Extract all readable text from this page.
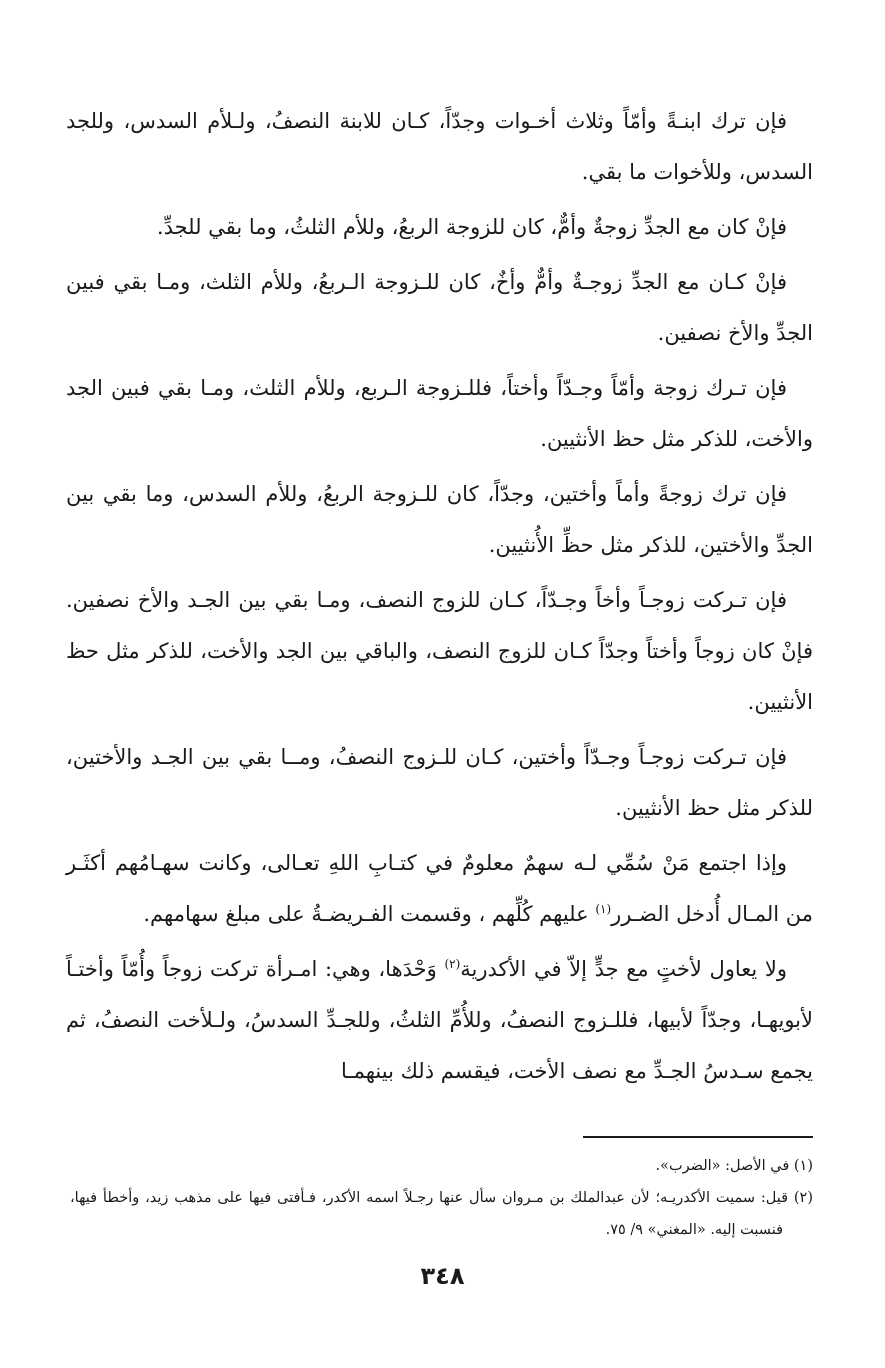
فإن ترك ابنـةً وأمّاً وثلاث أخـوات وجدّاً، كـان للابنة النصفُ، ولـلأم السدس، وللجد السدس، وللأخوات ما بقي.

فإنْ كان مع الجدِّ زوجةٌ وأمٌّ، كان للزوجة الربعُ، وللأم الثلثُ، وما بقي للجدِّ.

فإنْ كـان مع الجدِّ زوجـةٌ وأمٌّ وأخٌ، كان للـزوجة الـربعُ، وللأم الثلث، ومـا بقي فبين الجدِّ والأخ نصفين.

فإن تـرك زوجة وأمّاً وجـدّاً وأختاً، فللـزوجة الـربع، وللأم الثلث، ومـا بقي فبين الجد والأخت، للذكر مثل حظ الأنثيين.

فإن ترك زوجةً وأماً وأختين، وجدّاً، كان للـزوجة الربعُ، وللأم السدس، وما بقي بين الجدِّ والأختين، للذكر مثل حظِّ الأُنثيين.

فإن تـركت زوجـاً وأخاً وجـدّاً، كـان للزوج النصف، ومـا بقي بين الجـد والأخ نصفين. فإنْ كان زوجاً وأختاً وجدّاً كـان للزوج النصف، والباقي بين الجد والأخت، للذكر مثل حظ الأنثيين.

فإن تـركت زوجـاً وجـدّاً وأختين، كـان للـزوج النصفُ، ومــا بقي بين الجـد والأختين، للذكر مثل حظ الأنثيين.

وإذا اجتمع مَنْ سُمِّي لـه سهمٌ معلومٌ في كتـابِ اللهِ تعـالى، وكانت سهـامُهم أكثَـر من المـال أُدخل الضـرر$^{(١)}$ عليهم كُلِّهم ، وقسمت الفـريضـةُ على مبلغ سهامهم.

ولا يعاول لأختٍ مع جدٍّ إلاّ في الأكدرية$^{(٢)}$ وَحْدَها، وهي: امـرأة تركت زوجاً وأُمّاً وأختـاً لأبويهـا، وجدّاً لأبيها، فللـزوج النصفُ، وللأُمِّ الثلثُ، وللجـدِّ السدسُ، ولـلأخت النصفُ، ثم يجمع سـدسُ الجـدِّ مع نصف الأخت، فيقسم ذلك بينهمـا

(١) في الأصل: «الضرب».

(٢) قيل: سميت الأكدريـه؛ لأن عبدالملك بن مـروان سأل عنها رجـلاً اسمه الأكدر، فـأفتى فيها على مذهب زيد، وأخطأ فيها، فنسبت إليه. «المغني» ٩/ ٧٥.

٣٤٨
